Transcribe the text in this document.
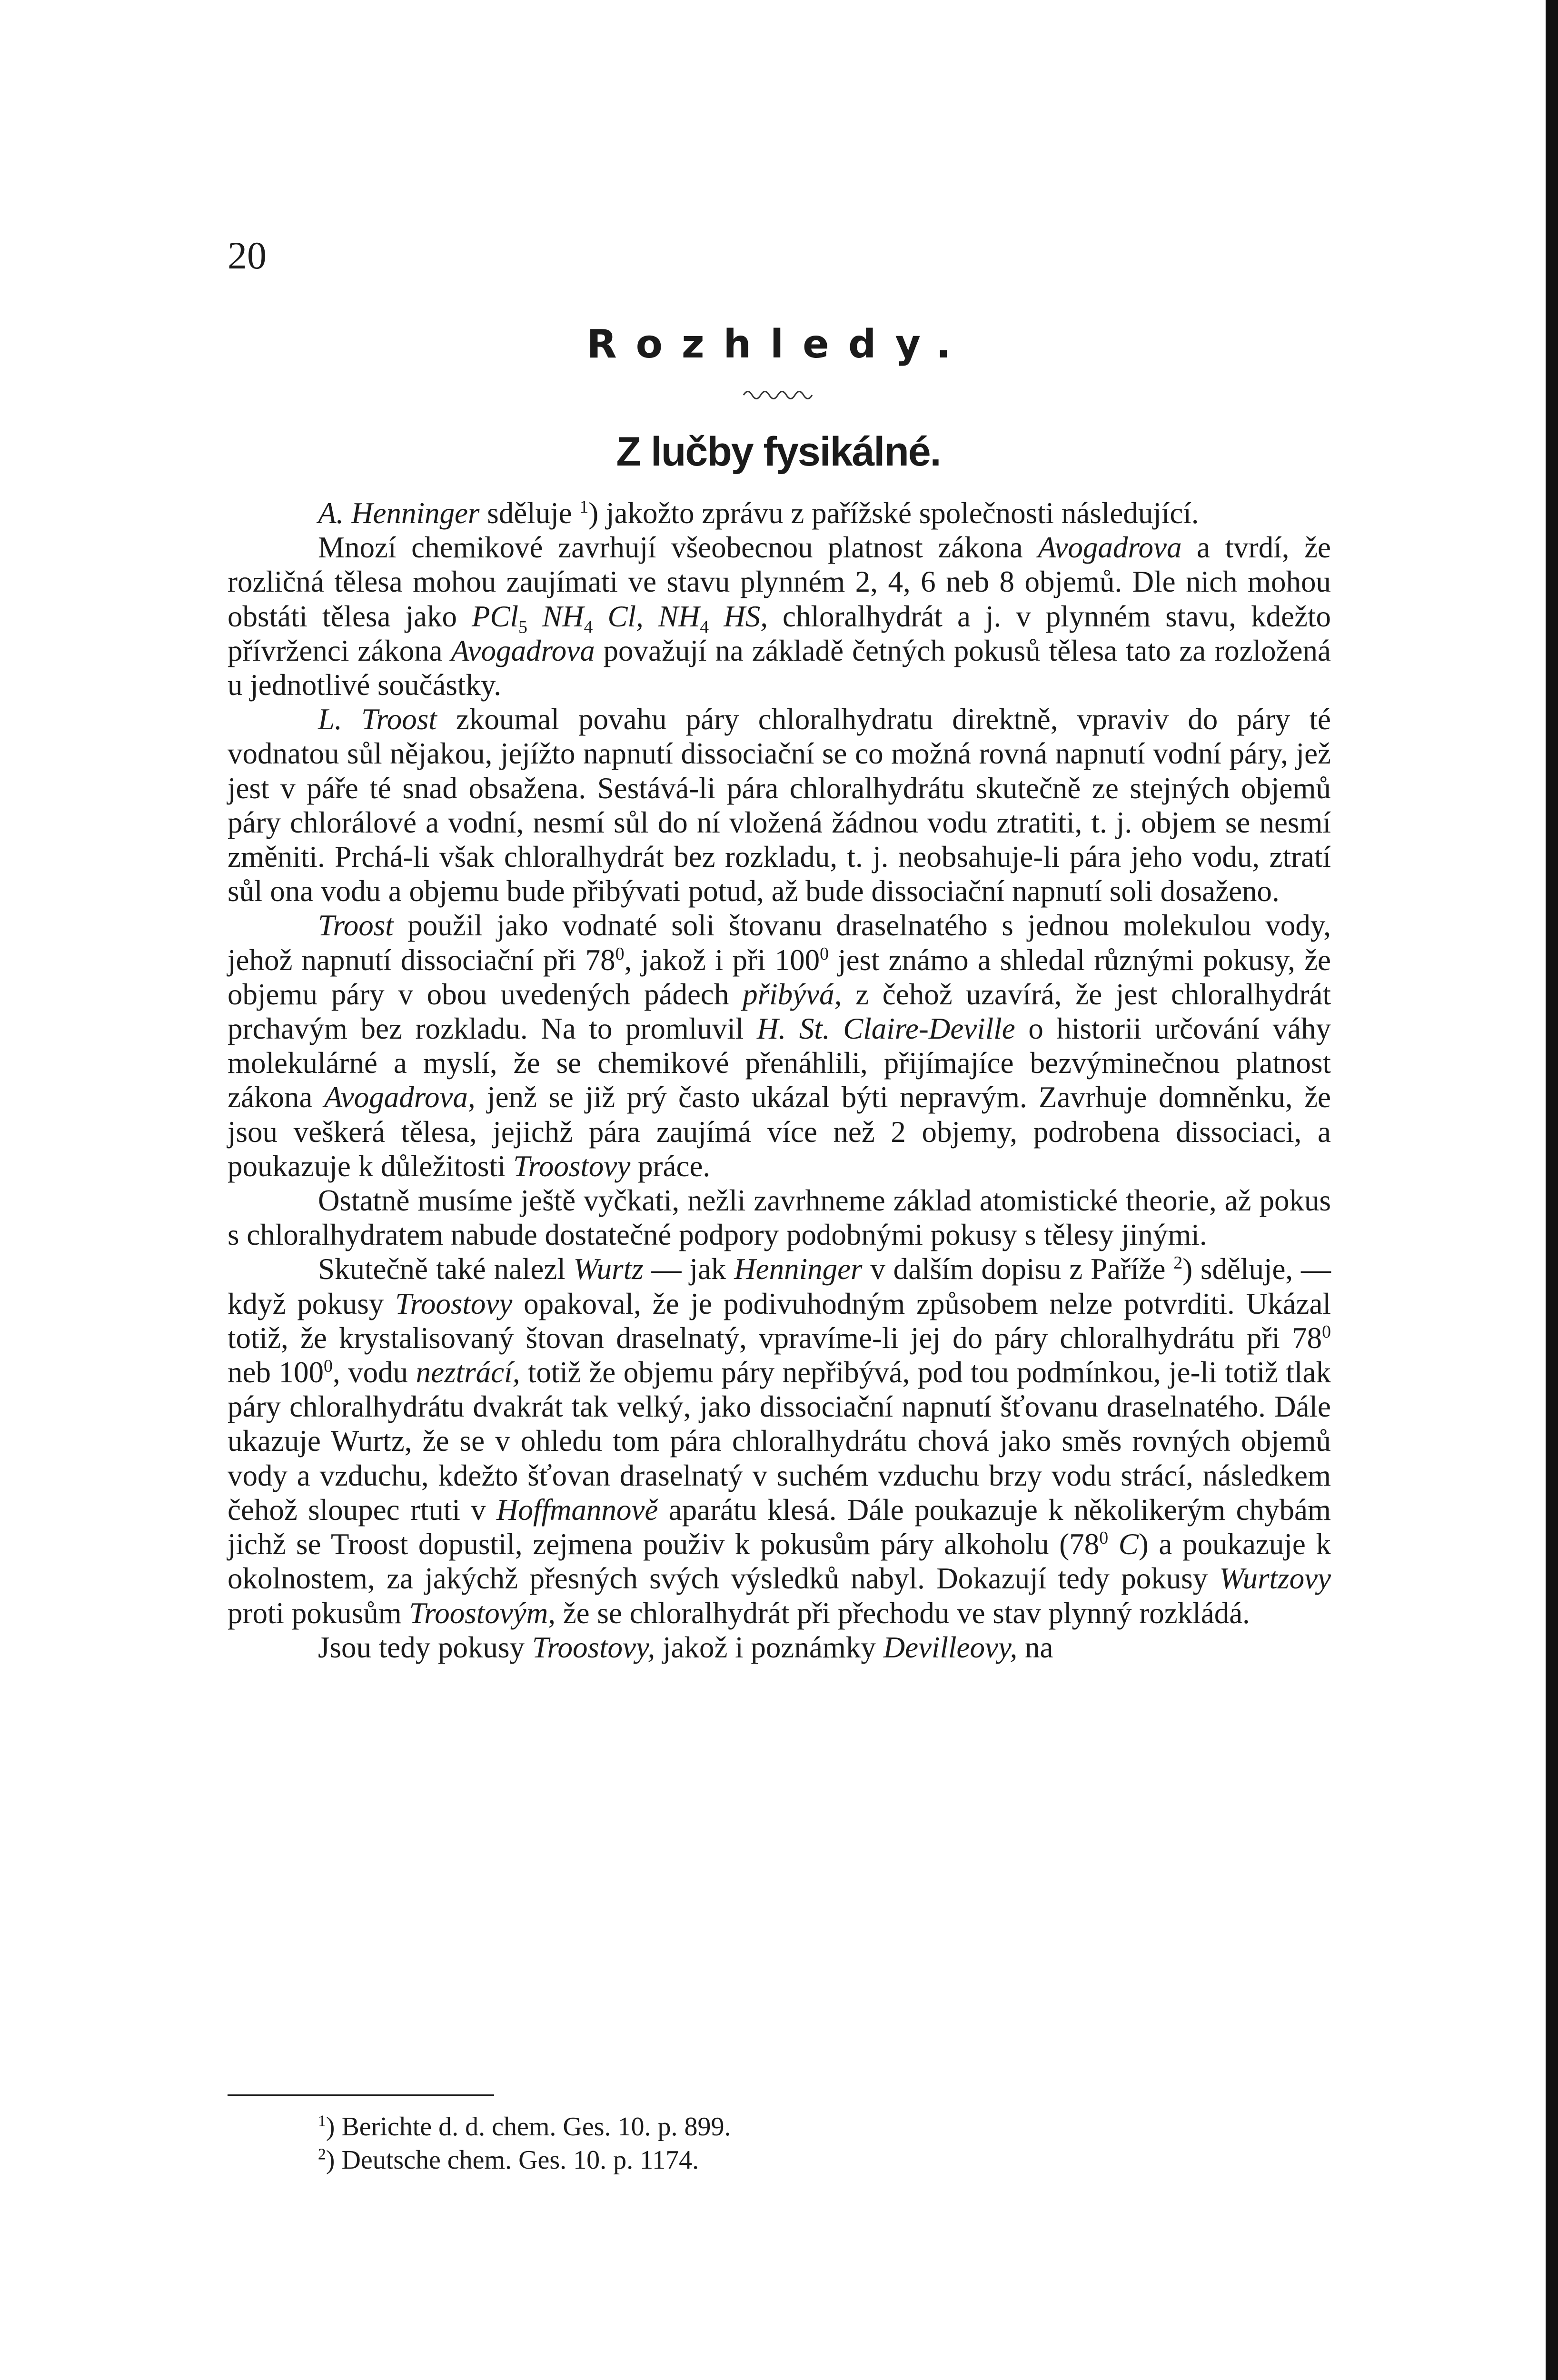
20
Rozhledy.
Z lučby fysikálné.

A. Henninger sděluje $^1$) jakožto zprávu z pařížské společnosti následující.

Mnozí chemikové zavrhují všeobecnou platnost zákona Avogadrova a tvrdí, že rozličná tělesa mohou zaujímati ve stavu plynném 2, 4, 6 neb 8 objemů. Dle nich mohou obstáti tělesa jako PCl$_5$ $NH_4$ Cl, $NH_4$ HS, chloralhydrát a j. v plynném stavu, kdežto přívrženci zákona Avogadrova považují na základě četných pokusů tělesa tato za rozložená u jednotlivé součástky.

L. Troost zkoumal povahu páry chloralhydratu direktně, vpraviv do páry té vodnatou sůl nějakou, jejížto napnutí dissociační se co možná rovná napnutí vodní páry, jež jest v páře té snad obsažena. Sestává-li pára chloralhydrátu skutečně ze stejných objemů páry chlorálové a vodní, nesmí sůl do ní vložená žádnou vodu ztratiti, t. j. objem se nesmí změniti. Prchá-li však chloralhydrát bez rozkladu, t. j. neobsahuje-li pára jeho vodu, ztratí sůl ona vodu a objemu bude přibývati potud, až bude dissociační napnutí soli dosaženo.

Troost použil jako vodnaté soli štovanu draselnatého s jednou molekulou vody, jehož napnutí dissociační při $78^0$, jakož i při $100^0$ jest známo a shledal různými pokusy, že objemu páry v obou uvedených pádech přibývá, z čehož uzavírá, že jest chloralhydrát prchavým bez rozkladu. Na to promluvil H. St. Claire-Deville o historii určování váhy molekulárné a myslí, že se chemikové přenáhlili, přijímajíce bezvýminečnou platnost zákona Avogadrova, jenž se již prý často ukázal býti nepravým. Zavrhuje domněnku, že jsou veškerá tělesa, jejichž pára zaujímá více než 2 objemy, podrobena dissociaci, a poukazuje k důležitosti Troostovy práce.

Ostatně musíme ještě vyčkati, nežli zavrhneme základ atomistické theorie, až pokus s chloralhydratem nabude dostatečné podpory podobnými pokusy s tělesy jinými.

Skutečně také nalezl Wurtz — jak Henninger v dalším dopisu z Paříže $^2$) sděluje, — když pokusy Troostovy opakoval, že je podivuhodným způsobem nelze potvrditi. Ukázal totiž, že krystalisovaný štovan draselnatý, vpravíme-li jej do páry chloralhydrátu při $78^0$ neb $100^0$, vodu neztrácí, totiž že objemu páry nepřibývá, pod tou podmínkou, je-li totiž tlak páry chloralhydrátu dvakrát tak velký, jako dissociační napnutí šťovanu draselnatého. Dále ukazuje Wurtz, že se v ohledu tom pára chloralhydrátu chová jako směs rovných objemů vody a vzduchu, kdežto šťovan draselnatý v suchém vzduchu brzy vodu strácí, následkem čehož sloupec rtuti v Hoffmannově aparátu klesá. Dále poukazuje k několikerým chybám jichž se Troost dopustil, zejmena použiv k pokusům páry alkoholu ($78^0$ C) a poukazuje k okolnostem, za jakýchž přesných svých výsledků nabyl. Dokazují tedy pokusy Wurtzovy proti pokusům Troostovým, že se chloralhydrát při přechodu ve stav plynný rozkládá.

Jsou tedy pokusy Troostovy, jakož i poznámky Devilleovy, na

$^1$) Berichte d. d. chem. Ges. 10. p. 899.

$^2$) Deutsche chem. Ges. 10. p. 1174.
